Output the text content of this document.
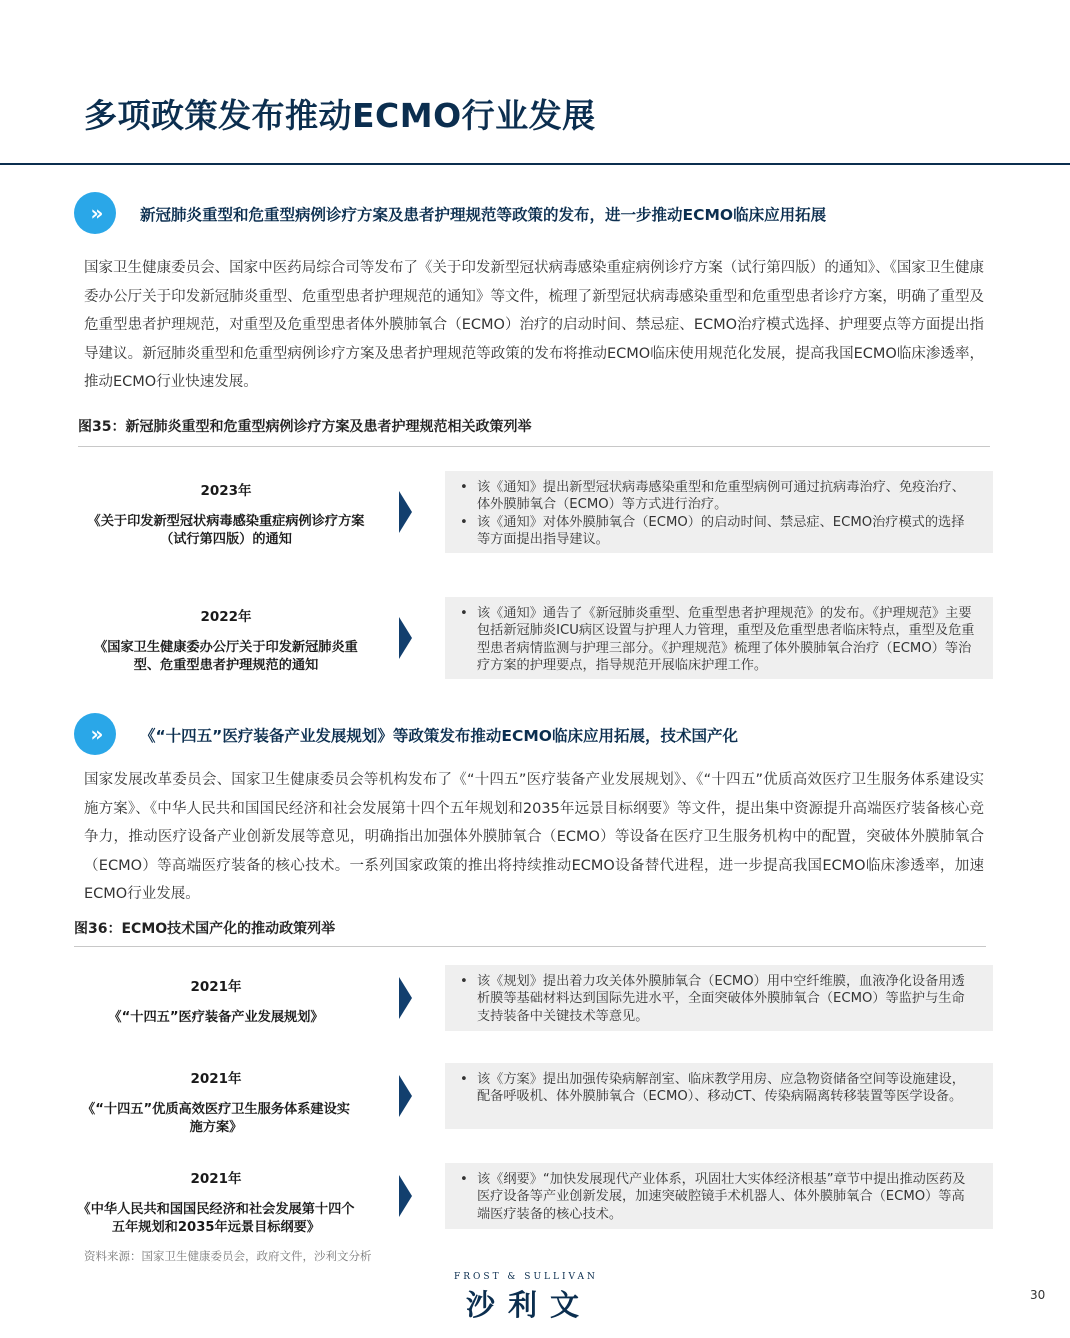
多项政策发布推动ECMO行业发展
»	新冠肺炎重型和危重型病例诊疗方案及患者护理规范等政策的发布，进一步推动ECMO临床应用拓展

国家卫生健康委员会、国家中医药局综合司等发布了《关于印发新型冠状病毒感染重症病例诊疗方案（试行第四版）的通知》、《国家卫生健康委办公厅关于印发新冠肺炎重型、危重型患者护理规范的通知》等文件，梳理了新型冠状病毒感染重型和危重型患者诊疗方案，明确了重型及危重型患者护理规范，对重型及危重型患者体外膜肺氧合（ECMO）治疗的启动时间、禁忌症、ECMO治疗模式选择、护理要点等方面提出指导建议。新冠肺炎重型和危重型病例诊疗方案及患者护理规范等政策的发布将推动ECMO临床使用规范化发展，提高我国ECMO临床渗透率，推动ECMO行业快速发展。

图35：新冠肺炎重型和危重型病例诊疗方案及患者护理规范相关政策列举

2023年
《关于印发新型冠状病毒感染重症病例诊疗方案（试行第四版）的通知
• 该《通知》提出新型冠状病毒感染重型和危重型病例可通过抗病毒治疗、免疫治疗、体外膜肺氧合（ECMO）等方式进行治疗。
• 该《通知》对体外膜肺氧合（ECMO）的启动时间、禁忌症、ECMO治疗模式的选择等方面提出指导建议。
2022年
《国家卫生健康委办公厅关于印发新冠肺炎重型、危重型患者护理规范的通知
• 该《通知》通告了《新冠肺炎重型、危重型患者护理规范》的发布。《护理规范》主要包括新冠肺炎ICU病区设置与护理人力管理，重型及危重型患者临床特点，重型及危重型患者病情监测与护理三部分。《护理规范》梳理了体外膜肺氧合治疗（ECMO）等治疗方案的护理要点，指导规范开展临床护理工作。
»	《“十四五”医疗装备产业发展规划》等政策发布推动ECMO临床应用拓展，技术国产化

国家发展改革委员会、国家卫生健康委员会等机构发布了《“十四五”医疗装备产业发展规划》、《“十四五”优质高效医疗卫生服务体系建设实施方案》、《中华人民共和国国民经济和社会发展第十四个五年规划和2035年远景目标纲要》等文件，提出集中资源提升高端医疗装备核心竞争力，推动医疗设备产业创新发展等意见，明确指出加强体外膜肺氧合（ECMO）等设备在医疗卫生服务机构中的配置，突破体外膜肺氧合（ECMO）等高端医疗装备的核心技术。一系列国家政策的推出将持续推动ECMO设备替代进程，进一步提高我国ECMO临床渗透率，加速ECMO行业发展。

图36：ECMO技术国产化的推动政策列举

2021年
《“十四五”医疗装备产业发展规划》
• 该《规划》提出着力攻关体外膜肺氧合（ECMO）用中空纤维膜，血液净化设备用透析膜等基础材料达到国际先进水平，全面突破体外膜肺氧合（ECMO）等监护与生命支持装备中关键技术等意见。
2021年
《“十四五”优质高效医疗卫生服务体系建设实施方案》
• 该《方案》提出加强传染病解剖室、临床教学用房、应急物资储备空间等设施建设，配备呼吸机、体外膜肺氧合（ECMO）、移动CT、传染病隔离转移装置等医学设备。
2021年
《中华人民共和国国民经济和社会发展第十四个五年规划和2035年远景目标纲要》
• 该《纲要》“加快发展现代产业体系，巩固壮大实体经济根基”章节中提出推动医药及医疗设备等产业创新发展，加速突破腔镜手术机器人、体外膜肺氧合（ECMO）等高端医疗装备的核心技术。

资料来源：国家卫生健康委员会，政府文件，沙利文分析

FROST & SULLIVAN
沙利文	30
